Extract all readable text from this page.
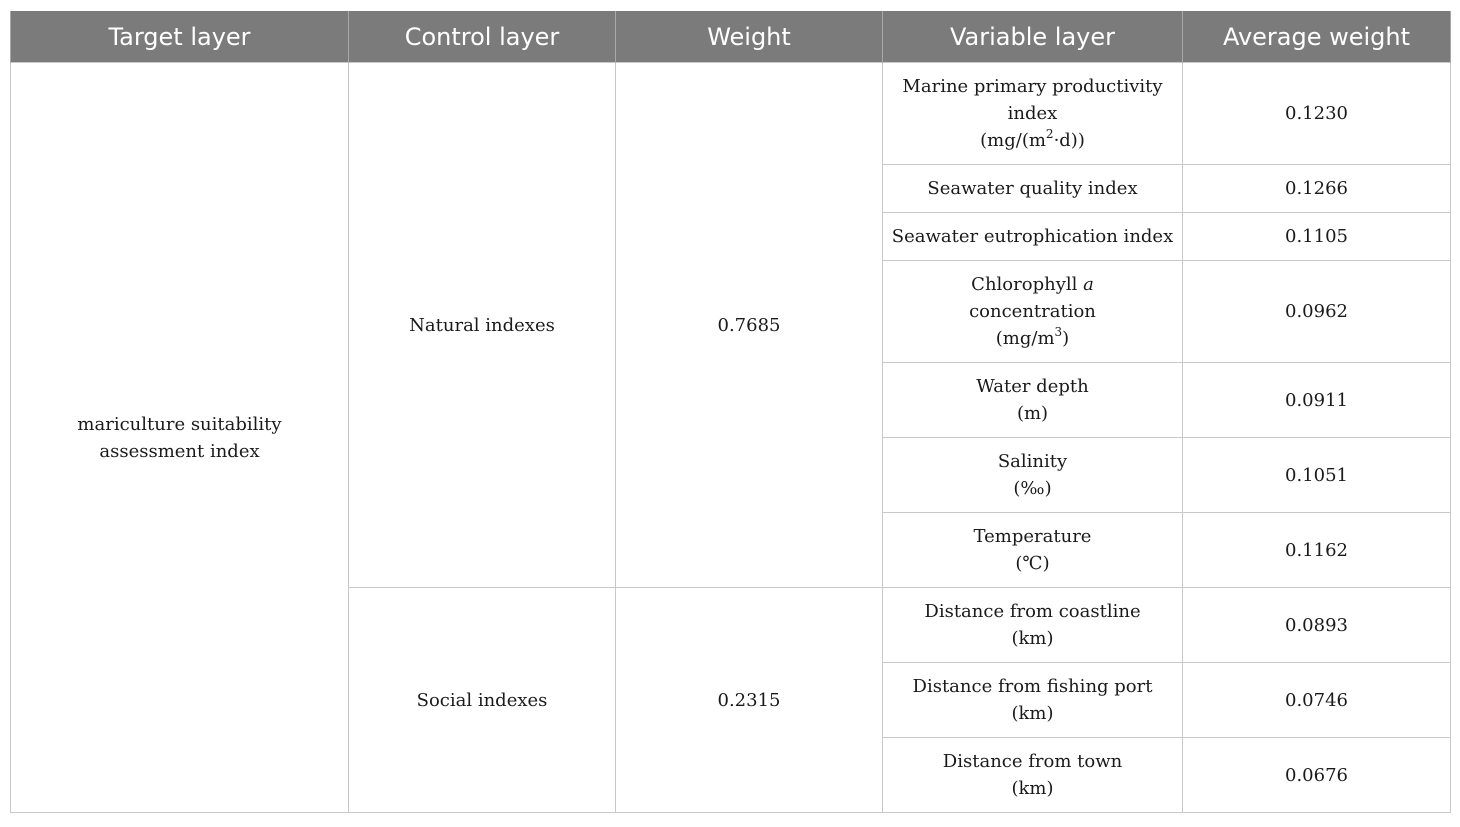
Target layer	Control layer	Weight	Variable layer	Average weight

mariculture suitability
assessment index	Natural indexes	0.7685	Marine primary productivity
index
$(mg/(m^2\cdot d))$	0.1230
			Seawater quality index	0.1266
			Seawater eutrophication index	0.1105

			Chlorophyll a
concentration
$(mg/m^3)$	0.0962

			Water depth
(m)	0.0911

			Salinity
(‰)	0.1051

			Temperature
(℃)	0.1162
	Social indexes	0.2315	Distance from coastline
(km)	0.0893

			Distance from fishing port
(km)	0.0746

			Distance from town
(km)	0.0676
